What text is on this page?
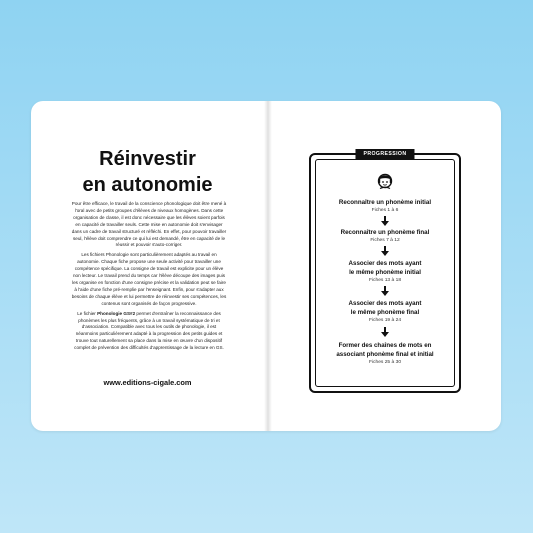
Réinvestir
en autonomie

Pour être efficace, le travail de la conscience phonologique doit être mené à l'oral avec de petits groupes d'élèves de niveaux homogènes. Dans cette organisation de classe, il est donc nécessaire que les élèves soient parfois en capacité de travailler seuls. Cette mise en autonomie doit s'envisager dans un cadre de travail structuré et réfléchi. En effet, pour pouvoir travailler seul, l'élève doit comprendre ce qui lui est demandé, être en capacité de le réussir et pouvoir s'auto-corriger.

Les fichiers Phonologie sont particulièrement adaptés au travail en autonomie. Chaque fiche propose une seule activité pour travailler une compétence spécifique. La consigne de travail est explicite pour un élève non lecteur. Le travail prend du temps car l'élève découpe des images puis les organise en fonction d'une consigne précise et la validation peut se faire à l'aide d'une fiche pré-remplie par l'enseignant. Enfin, pour s'adapter aux besoins de chaque élève et lui permettre de réinvestir ses compétences, les contenus sont organisés de façon progressive.

Le fichier Phonologie GS#2 permet d'entraîner la reconnaissance des phonèmes les plus fréquents, grâce à un travail systématique de tri et d'association. Compatible avec tous les outils de phonologie, il est néanmoins particulièrement adapté à la progression des petits guides et trouve tout naturellement sa place dans la mise en œuvre d'un dispositif complet de prévention des difficultés d'apprentissage de la lecture en GS.

www.editions-cigale.com
PROGRESSION
Reconnaître un phonème initial
Fiches 1 à 6
Reconnaître un phonème final
Fiches 7 à 12
Associer des mots ayant
le même phonème initial
Fiches 13 à 18
Associer des mots ayant
le même phonème final
Fiches 19 à 24
Former des chaînes de mots en
associant phonème final et initial
Fiches 25 à 30
